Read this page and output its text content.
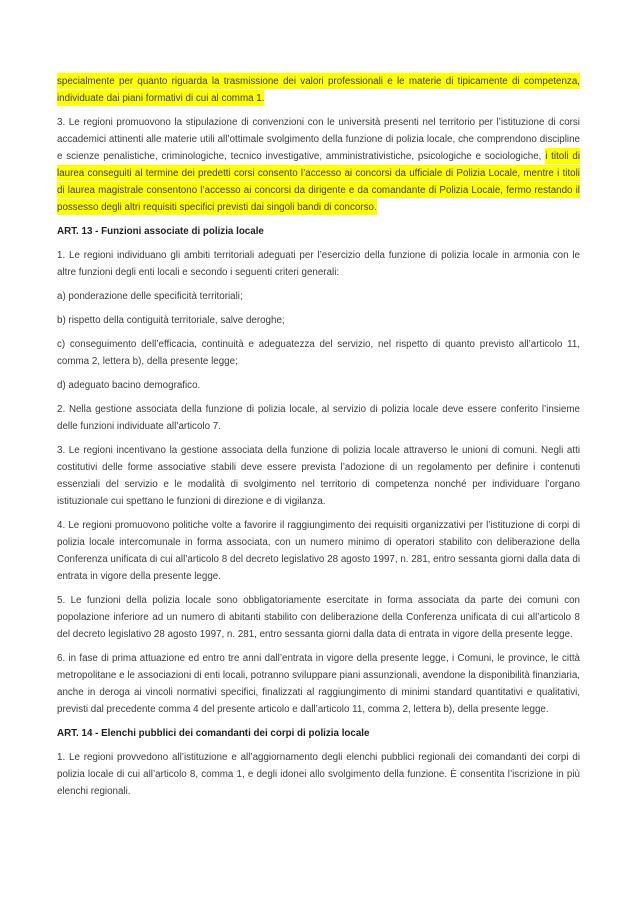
specialmente per quanto riguarda la trasmissione dei valori professionali e le materie di tipicamente di competenza, individuate dai piani formativi di cui al comma 1.

3. Le regioni promuovono la stipulazione di convenzioni con le università presenti nel territorio per l’istituzione di corsi accademici attinenti alle materie utili all’ottimale svolgimento della funzione di polizia locale, che comprendono discipline e scienze penalistiche, criminologiche, tecnico investigative, amministrativistiche, psicologiche e sociologiche, i titoli di laurea conseguiti al termine dei predetti corsi consento l’accesso ai concorsi da ufficiale di Polizia Locale, mentre i titoli di laurea magistrale consentono l’accesso ai concorsi da dirigente e da comandante di Polizia Locale, fermo restando il possesso degli altri requisiti specifici previsti dai singoli bandi di concorso.

ART. 13 - Funzioni associate di polizia locale

1. Le regioni individuano gli ambiti territoriali adeguati per l’esercizio della funzione di polizia locale in armonia con le altre funzioni degli enti locali e secondo i seguenti criteri generali:

a) ponderazione delle specificità territoriali;

b) rispetto della contiguità territoriale, salve deroghe;

c) conseguimento dell’efficacia, continuità e adeguatezza del servizio, nel rispetto di quanto previsto all’articolo 11, comma 2, lettera b), della presente legge;

d) adeguato bacino demografico.

2. Nella gestione associata della funzione di polizia locale, al servizio di polizia locale deve essere conferito l’insieme delle funzioni individuate all’articolo 7.

3. Le regioni incentivano la gestione associata della funzione di polizia locale attraverso le unioni di comuni. Negli atti costitutivi delle forme associative stabili deve essere prevista l’adozione di un regolamento per definire i contenuti essenziali del servizio e le modalità di svolgimento nel territorio di competenza nonché per individuare l’organo istituzionale cui spettano le funzioni di direzione e di vigilanza.

4. Le regioni promuovono politiche volte a favorire il raggiungimento dei requisiti organizzativi per l’istituzione di corpi di polizia locale intercomunale in forma associata, con un numero minimo di operatori stabilito con deliberazione della Conferenza unificata di cui all’articolo 8 del decreto legislativo 28 agosto 1997, n. 281, entro sessanta giorni dalla data di entrata in vigore della presente legge.

5. Le funzioni della polizia locale sono obbligatoriamente esercitate in forma associata da parte dei comuni con popolazione inferiore ad un numero di abitanti stabilito con deliberazione della Conferenza unificata di cui all’articolo 8 del decreto legislativo 28 agosto 1997, n. 281, entro sessanta giorni dalla data di entrata in vigore della presente legge.

6. in fase di prima attuazione ed entro tre anni dall’entrata in vigore della presente legge, i Comuni, le province, le città metropolitane e le associazioni di enti locali, potranno sviluppare piani assunzionali, avendone la disponibilità finanziaria, anche in deroga ai vincoli normativi specifici, finalizzati al raggiungimento di minimi standard quantitativi e qualitativi, previsti dal precedente comma 4 del presente articolo e dall’articolo 11, comma 2, lettera b), della presente legge.

ART. 14 - Elenchi pubblici dei comandanti dei corpi di polizia locale

1. Le regioni provvedono all’istituzione e all’aggiornamento degli elenchi pubblici regionali dei comandanti dei corpi di polizia locale di cui all’articolo 8, comma 1, e degli idonei allo svolgimento della funzione. È consentita l’iscrizione in più elenchi regionali.
